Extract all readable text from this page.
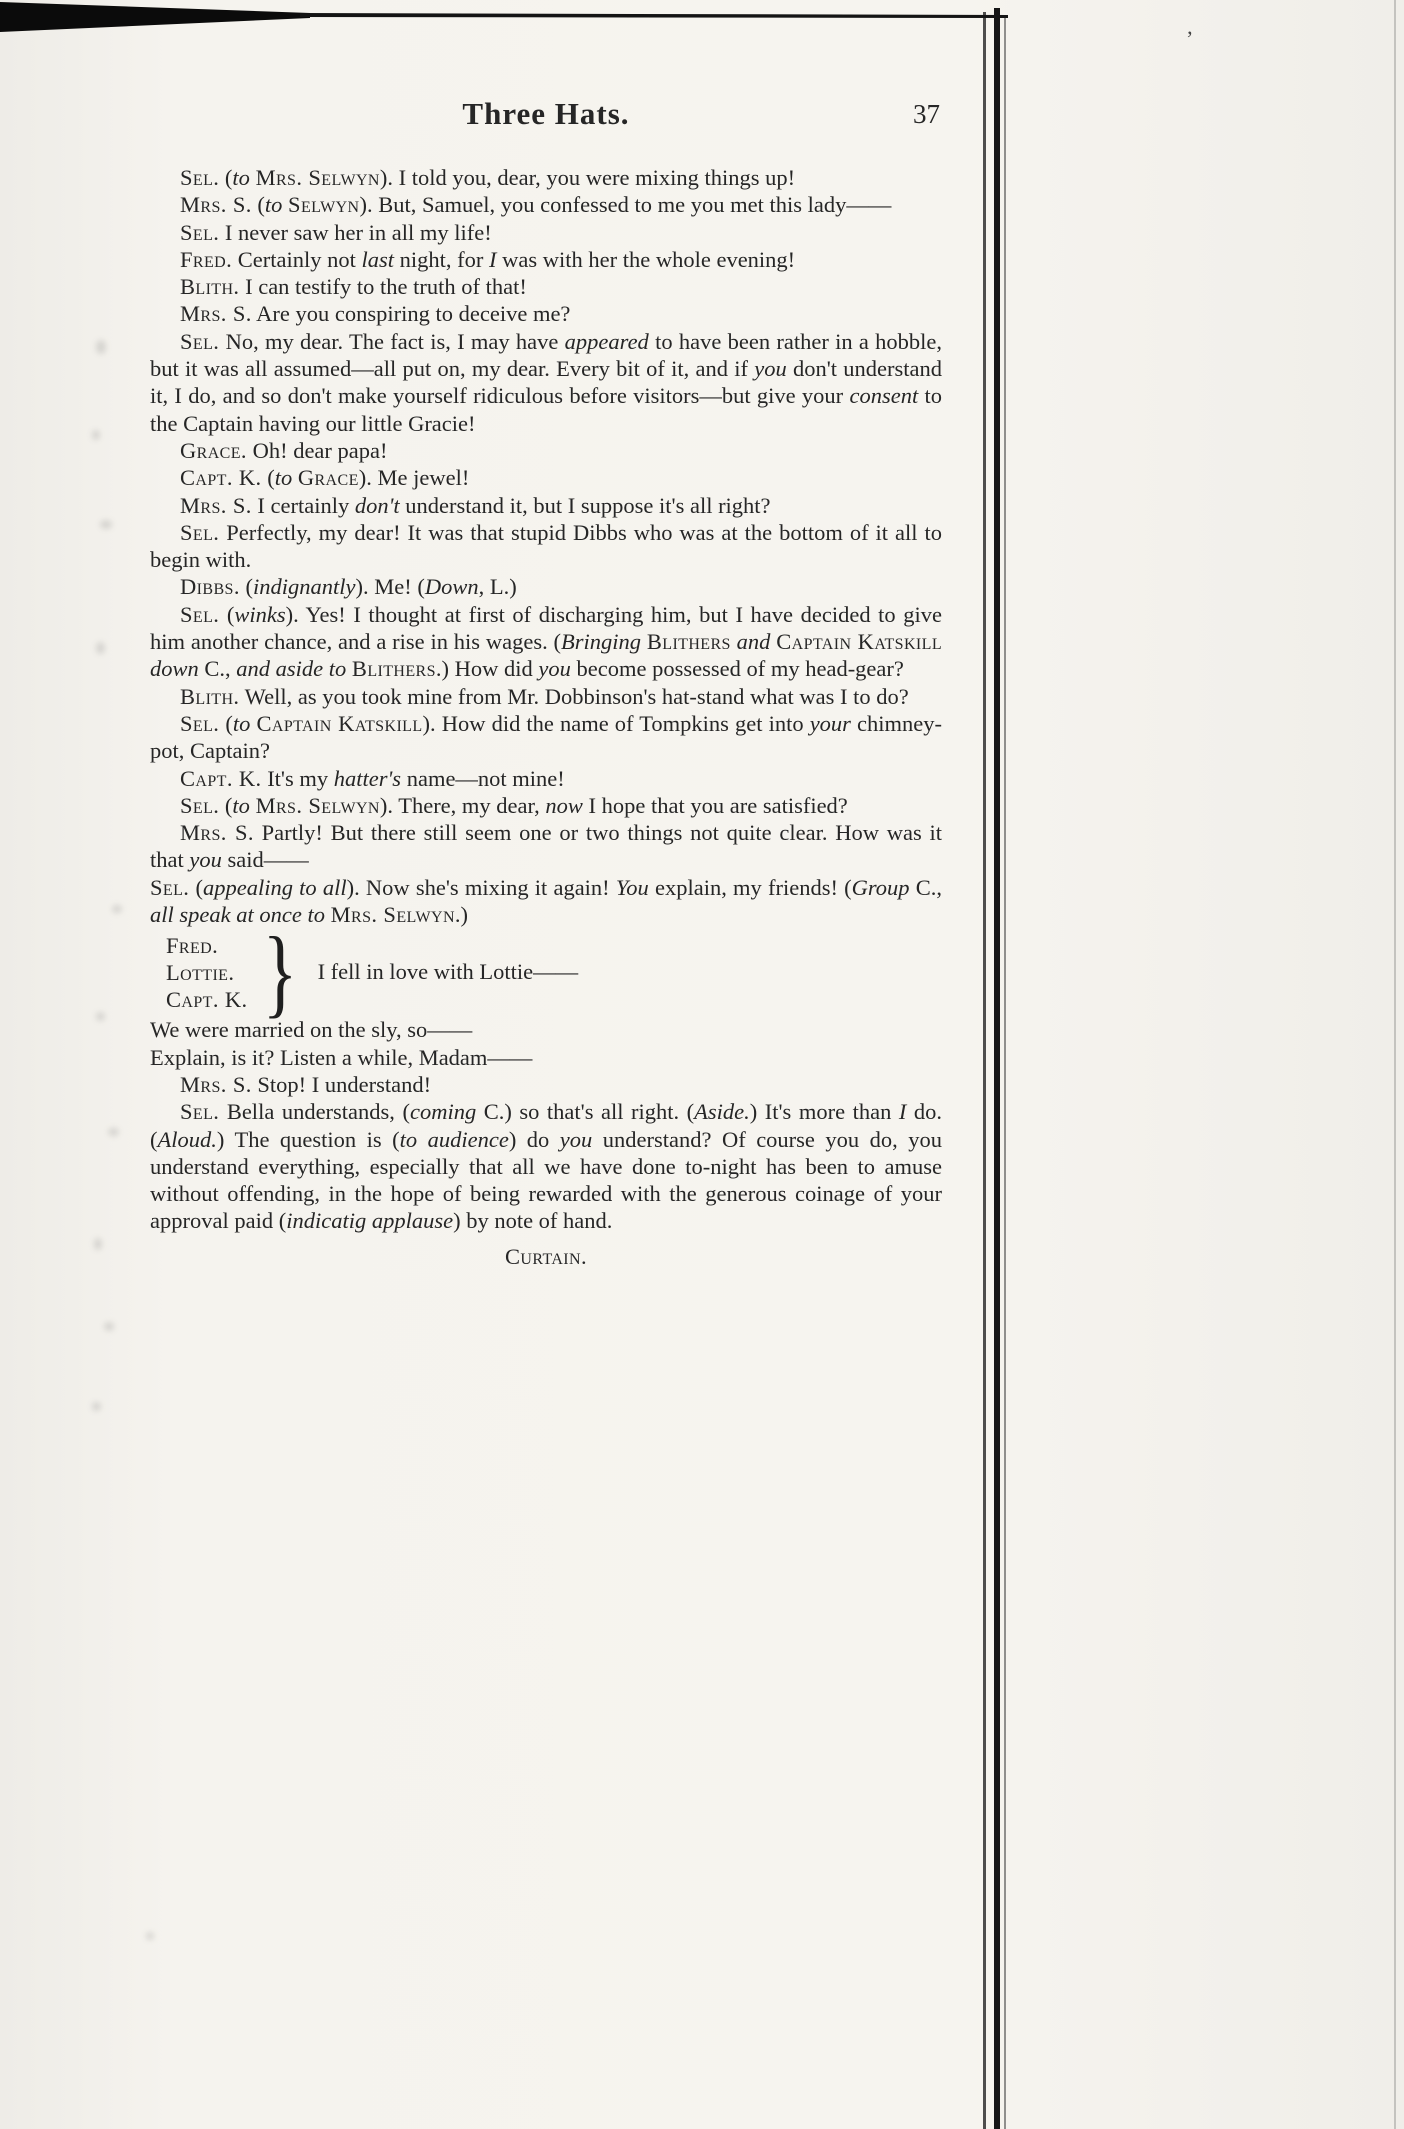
’
Three Hats.	37

Sel. (to Mrs. Selwyn). I told you, dear, you were mixing things up!

Mrs. S. (to Selwyn). But, Samuel, you confessed to me you met this lady——

Sel. I never saw her in all my life!

Fred. Certainly not last night, for I was with her the whole evening!

Blith. I can testify to the truth of that!

Mrs. S. Are you conspiring to deceive me?

Sel. No, my dear. The fact is, I may have appeared to have been rather in a hobble, but it was all assumed—all put on, my dear. Every bit of it, and if you don't understand it, I do, and so don't make yourself ridiculous before visitors—but give your consent to the Captain having our little Gracie!

Grace. Oh! dear papa!

Capt. K. (to Grace). Me jewel!

Mrs. S. I certainly don't understand it, but I suppose it's all right?

Sel. Perfectly, my dear! It was that stupid Dibbs who was at the bottom of it all to begin with.

Dibbs. (indignantly). Me! (Down, L.)

Sel. (winks). Yes! I thought at first of discharging him, but I have decided to give him another chance, and a rise in his wages. (Bringing Blithers and Captain Katskill down C., and aside to Blithers.) How did you become possessed of my head-gear?

Blith. Well, as you took mine from Mr. Dobbinson's hat-stand what was I to do?

Sel. (to Captain Katskill). How did the name of Tompkins get into your chimney-pot, Captain?

Capt. K. It's my hatter's name—not mine!

Sel. (to Mrs. Selwyn). There, my dear, now I hope that you are satisfied?

Mrs. S. Partly! But there still seem one or two things not quite clear. How was it that you said——

Sel. (appealing to all). Now she's mixing it again! You explain, my friends! (Group C., all speak at once to Mrs. Selwyn.)

Fred.
Lottie.
Capt. K. } I fell in love with Lottie——

We were married on the sly, so——

Explain, is it? Listen a while, Madam——

Mrs. S. Stop! I understand!

Sel. Bella understands, (coming C.) so that's all right. (Aside.) It's more than I do. (Aloud.) The question is (to audience) do you understand? Of course you do, you understand everything, especially that all we have done to-night has been to amuse without offending, in the hope of being rewarded with the generous coinage of your approval paid (indicatig applause) by note of hand.

Curtain.
